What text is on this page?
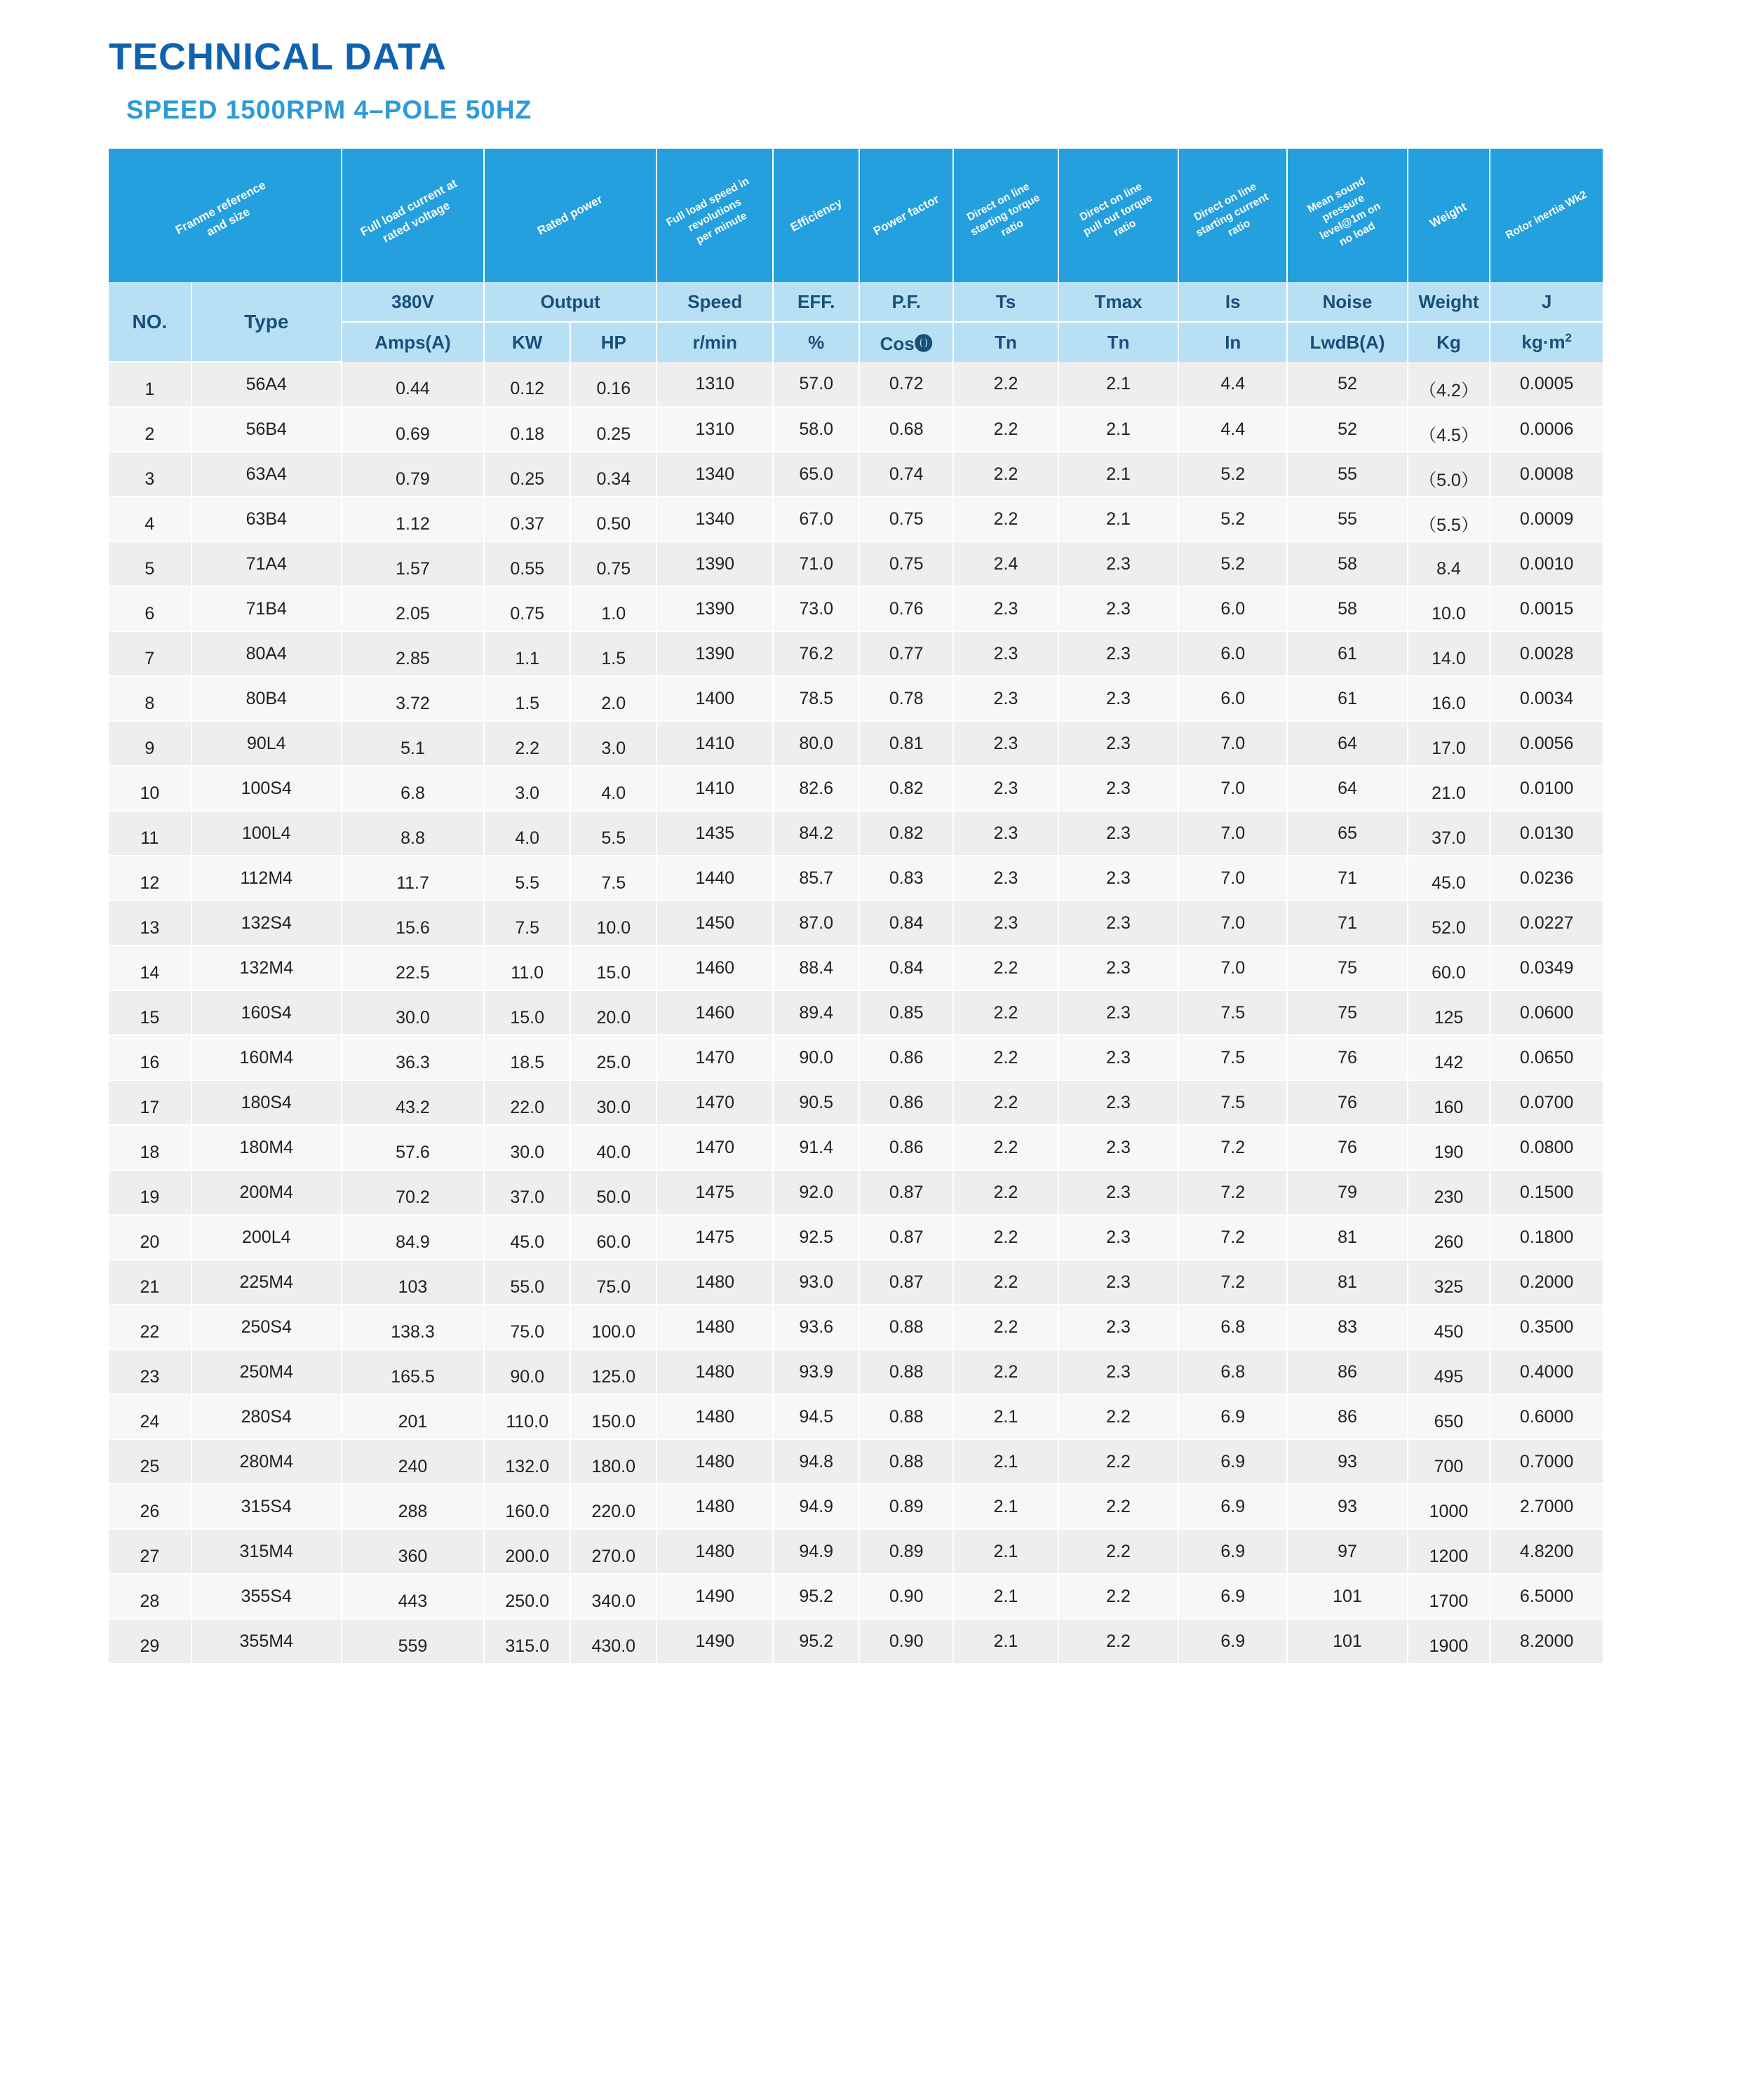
TECHNICAL DATA
SPEED 1500RPM 4–POLE 50HZ
Franme reference
and size		Full load current at
rated voltage	Rated power		Full load speed in
revolutions
per minute	Efficiency	Power factor	Direct on line
starting torque
ratio	Direct on line
pull out torque
ratio	Direct on line
starting current
ratio	Mean sound
pressure
level@1m on
no load	Weight	Rotor inertia Wk2

NO.	Type	380V	Output		Speed	EFF.	P.F.	Ts	Tmax	Is	Noise	Weight	J
		Amps(A)	KW	HP	r/min	%	Cos⓿	Tn	Tn	In	LwdB(A)	Kg	$kg\cdot m^2$
1	56A4	0.44	0.12	0.16	1310	57.0	0.72	2.2	2.1	4.4	52	（4.2）	0.0005
2	56B4	0.69	0.18	0.25	1310	58.0	0.68	2.2	2.1	4.4	52	（4.5）	0.0006
3	63A4	0.79	0.25	0.34	1340	65.0	0.74	2.2	2.1	5.2	55	（5.0）	0.0008
4	63B4	1.12	0.37	0.50	1340	67.0	0.75	2.2	2.1	5.2	55	（5.5）	0.0009
5	71A4	1.57	0.55	0.75	1390	71.0	0.75	2.4	2.3	5.2	58	8.4	0.0010
6	71B4	2.05	0.75	1.0	1390	73.0	0.76	2.3	2.3	6.0	58	10.0	0.0015
7	80A4	2.85	1.1	1.5	1390	76.2	0.77	2.3	2.3	6.0	61	14.0	0.0028
8	80B4	3.72	1.5	2.0	1400	78.5	0.78	2.3	2.3	6.0	61	16.0	0.0034
9	90L4	5.1	2.2	3.0	1410	80.0	0.81	2.3	2.3	7.0	64	17.0	0.0056
10	100S4	6.8	3.0	4.0	1410	82.6	0.82	2.3	2.3	7.0	64	21.0	0.0100
11	100L4	8.8	4.0	5.5	1435	84.2	0.82	2.3	2.3	7.0	65	37.0	0.0130
12	112M4	11.7	5.5	7.5	1440	85.7	0.83	2.3	2.3	7.0	71	45.0	0.0236
13	132S4	15.6	7.5	10.0	1450	87.0	0.84	2.3	2.3	7.0	71	52.0	0.0227
14	132M4	22.5	11.0	15.0	1460	88.4	0.84	2.2	2.3	7.0	75	60.0	0.0349
15	160S4	30.0	15.0	20.0	1460	89.4	0.85	2.2	2.3	7.5	75	125	0.0600
16	160M4	36.3	18.5	25.0	1470	90.0	0.86	2.2	2.3	7.5	76	142	0.0650
17	180S4	43.2	22.0	30.0	1470	90.5	0.86	2.2	2.3	7.5	76	160	0.0700
18	180M4	57.6	30.0	40.0	1470	91.4	0.86	2.2	2.3	7.2	76	190	0.0800
19	200M4	70.2	37.0	50.0	1475	92.0	0.87	2.2	2.3	7.2	79	230	0.1500
20	200L4	84.9	45.0	60.0	1475	92.5	0.87	2.2	2.3	7.2	81	260	0.1800
21	225M4	103	55.0	75.0	1480	93.0	0.87	2.2	2.3	7.2	81	325	0.2000
22	250S4	138.3	75.0	100.0	1480	93.6	0.88	2.2	2.3	6.8	83	450	0.3500
23	250M4	165.5	90.0	125.0	1480	93.9	0.88	2.2	2.3	6.8	86	495	0.4000
24	280S4	201	110.0	150.0	1480	94.5	0.88	2.1	2.2	6.9	86	650	0.6000
25	280M4	240	132.0	180.0	1480	94.8	0.88	2.1	2.2	6.9	93	700	0.7000
26	315S4	288	160.0	220.0	1480	94.9	0.89	2.1	2.2	6.9	93	1000	2.7000
27	315M4	360	200.0	270.0	1480	94.9	0.89	2.1	2.2	6.9	97	1200	4.8200
28	355S4	443	250.0	340.0	1490	95.2	0.90	2.1	2.2	6.9	101	1700	6.5000
29	355M4	559	315.0	430.0	1490	95.2	0.90	2.1	2.2	6.9	101	1900	8.2000
